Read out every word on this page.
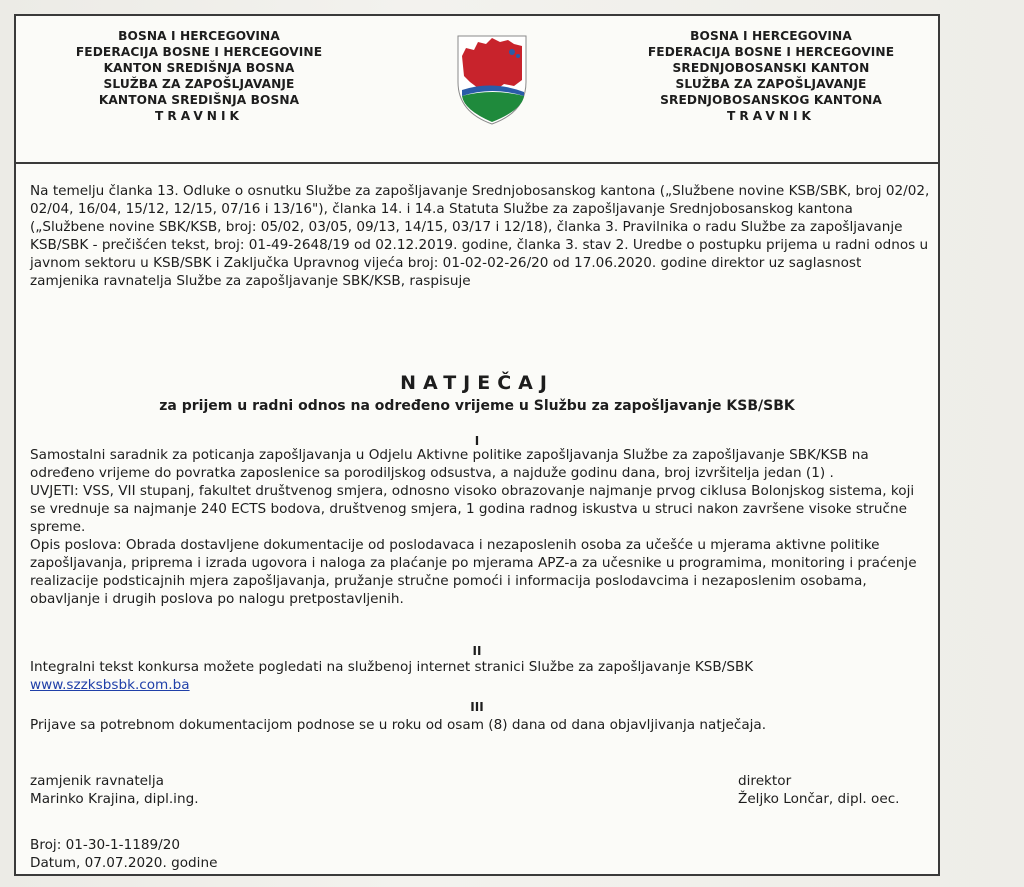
BOSNA I HERCEGOVINA
FEDERACIJA BOSNE I HERCEGOVINE
KANTON SREDIŠNJA BOSNA
SLUŽBA ZA ZAPOŠLJAVANJE
KANTONA SREDIŠNJA BOSNA
TRAVNIK
BOSNA I HERCEGOVINA
FEDERACIJA BOSNE I HERCEGOVINE
SREDNJOBOSANSKI KANTON
SLUŽBA ZA ZAPOŠLJAVANJE
SREDNJOBOSANSKOG KANTONA
TRAVNIK

Na temelju članka 13. Odluke o osnutku Službe za zapošljavanje Srednjobosanskog kantona („Službene novine KSB/SBK, broj 02/02, 02/04, 16/04, 15/12, 12/15, 07/16 i 13/16"), članka 14. i 14.a Statuta Službe za zapošljavanje Srednjobosanskog kantona („Službene novine SBK/KSB, broj: 05/02, 03/05, 09/13, 14/15, 03/17 i 12/18), članka 3. Pravilnika o radu Službe za zapošljavanje KSB/SBK - prečišćen tekst, broj: 01-49-2648/19 od 02.12.2019. godine, članka 3. stav 2. Uredbe o postupku prijema u radni odnos u javnom sektoru u KSB/SBK i Zaključka Upravnog vijeća broj: 01-02-02-26/20 od 17.06.2020. godine direktor uz saglasnost zamjenika ravnatelja Službe za zapošljavanje SBK/KSB, raspisuje

NATJEČAJ
za prijem u radni odnos na određeno vrijeme u Službu za zapošljavanje KSB/SBK
I

Samostalni saradnik za poticanja zapošljavanja u Odjelu Aktivne politike zapošljavanja Službe za zapošljavanje SBK/KSB na određeno vrijeme do povratka zaposlenice sa porodiljskog odsustva, a najduže godinu dana, broj izvršitelja jedan (1) .

UVJETI: VSS, VII stupanj, fakultet društvenog smjera, odnosno visoko obrazovanje najmanje prvog ciklusa Bolonjskog sistema, koji se vrednuje sa najmanje 240 ECTS bodova, društvenog smjera, 1 godina radnog iskustva u struci nakon završene visoke stručne spreme.

Opis poslova: Obrada dostavljene dokumentacije od poslodavaca i nezaposlenih osoba za učešće u mjerama aktivne politike zapošljavanja, priprema i izrada ugovora i naloga za plaćanje po mjerama APZ-a za učesnike u programima, monitoring i praćenje realizacije podsticajnih mjera zapošljavanja, pružanje stručne pomoći i informacija poslodavcima i nezaposlenim osobama, obavljanje i drugih poslova po nalogu pretpostavljenih.

II

Integralni tekst konkursa možete pogledati na službenoj internet stranici Službe za zapošljavanje KSB/SBK

www.szzksbsbk.com.ba

III

Prijave sa potrebnom dokumentacijom podnose se u roku od osam (8) dana od dana objavljivanja natječaja.

zamjenik ravnatelja
Marinko Krajina, dipl.ing.
direktor
Željko Lončar, dipl. oec.
Broj: 01-30-1-1189/20
Datum, 07.07.2020. godine
